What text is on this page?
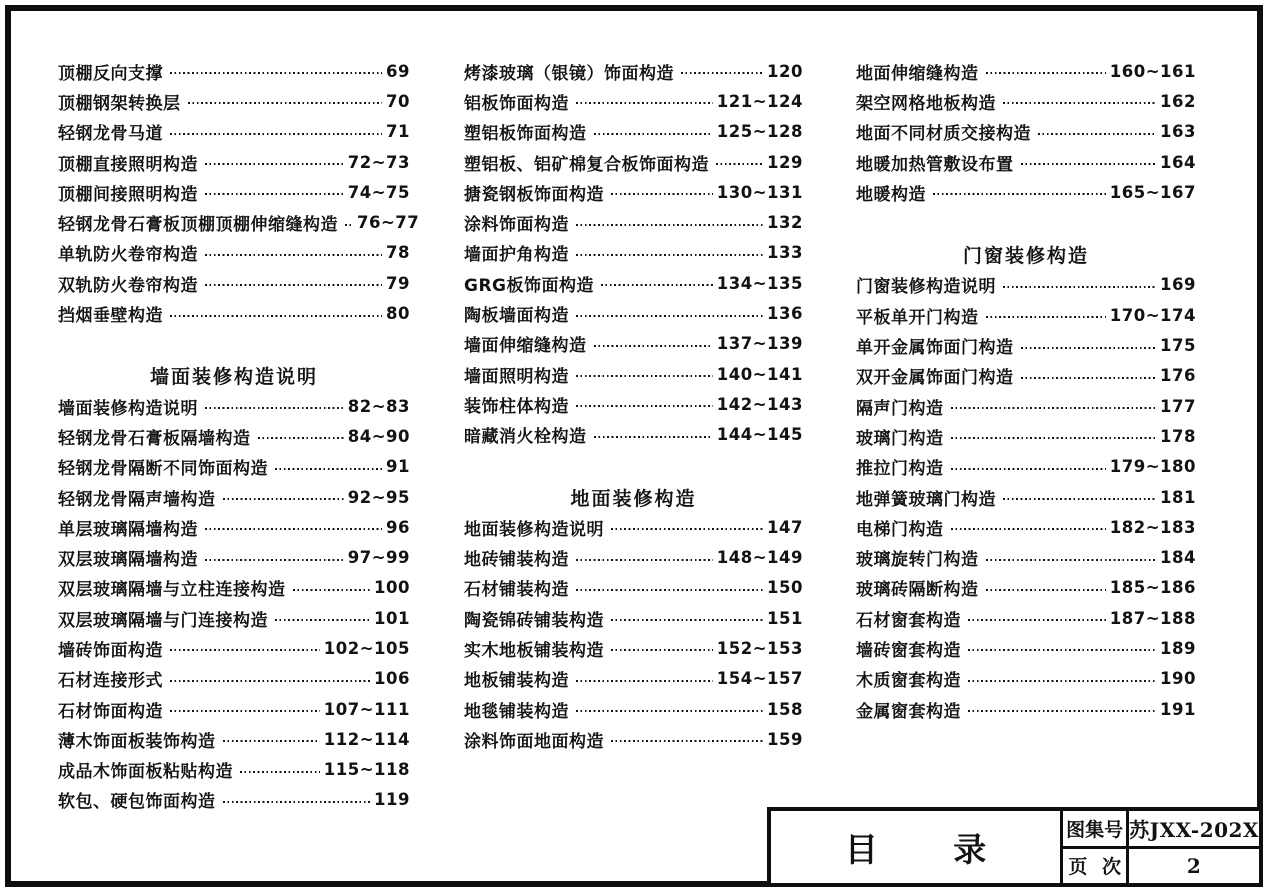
顶棚反向支撑	69
顶棚钢架转换层	70
轻钢龙骨马道	71
顶棚直接照明构造	72~73
顶棚间接照明构造	74~75
轻钢龙骨石膏板顶棚顶棚伸缩缝构造 76~77
单轨防火卷帘构造	78
双轨防火卷帘构造	79
挡烟垂壁构造	80
墙面装修构造说明
墙面装修构造说明	82~83
轻钢龙骨石膏板隔墙构造	84~90
轻钢龙骨隔断不同饰面构造	91
轻钢龙骨隔声墙构造	92~95
单层玻璃隔墙构造	96
双层玻璃隔墙构造	97~99
双层玻璃隔墙与立柱连接构造	100
双层玻璃隔墙与门连接构造	101
墙砖饰面构造	102~105
石材连接形式	106
石材饰面构造	107~111
薄木饰面板装饰构造	112~114
成品木饰面板粘贴构造	115~118
软包、硬包饰面构造	119
烤漆玻璃（银镜）饰面构造	120
铝板饰面构造	121~124
塑铝板饰面构造	125~128
塑铝板、铝矿棉复合板饰面构造	129
搪瓷钢板饰面构造	130~131
涂料饰面构造	132
墙面护角构造	133
GRG板饰面构造	134~135
陶板墙面构造	136
墙面伸缩缝构造	137~139
墙面照明构造	140~141
装饰柱体构造	142~143
暗藏消火栓构造	144~145
地面装修构造
地面装修构造说明	147
地砖铺装构造	148~149
石材铺装构造	150
陶瓷锦砖铺装构造	151
实木地板铺装构造	152~153
地板铺装构造	154~157
地毯铺装构造	158
涂料饰面地面构造	159
地面伸缩缝构造	160~161
架空网格地板构造	162
地面不同材质交接构造	163
地暖加热管敷设布置	164
地暖构造	165~167
门窗装修构造
门窗装修构造说明	169
平板单开门构造	170~174
单开金属饰面门构造	175
双开金属饰面门构造	176
隔声门构造	177
玻璃门构造	178
推拉门构造	179~180
地弹簧玻璃门构造	181
电梯门构造	182~183
玻璃旋转门构造	184
玻璃砖隔断构造	185~186
石材窗套构造	187~188
墙砖窗套构造	189
木质窗套构造	190
金属窗套构造	191
目 录	图集号 苏JXX-202X
页 次	2
